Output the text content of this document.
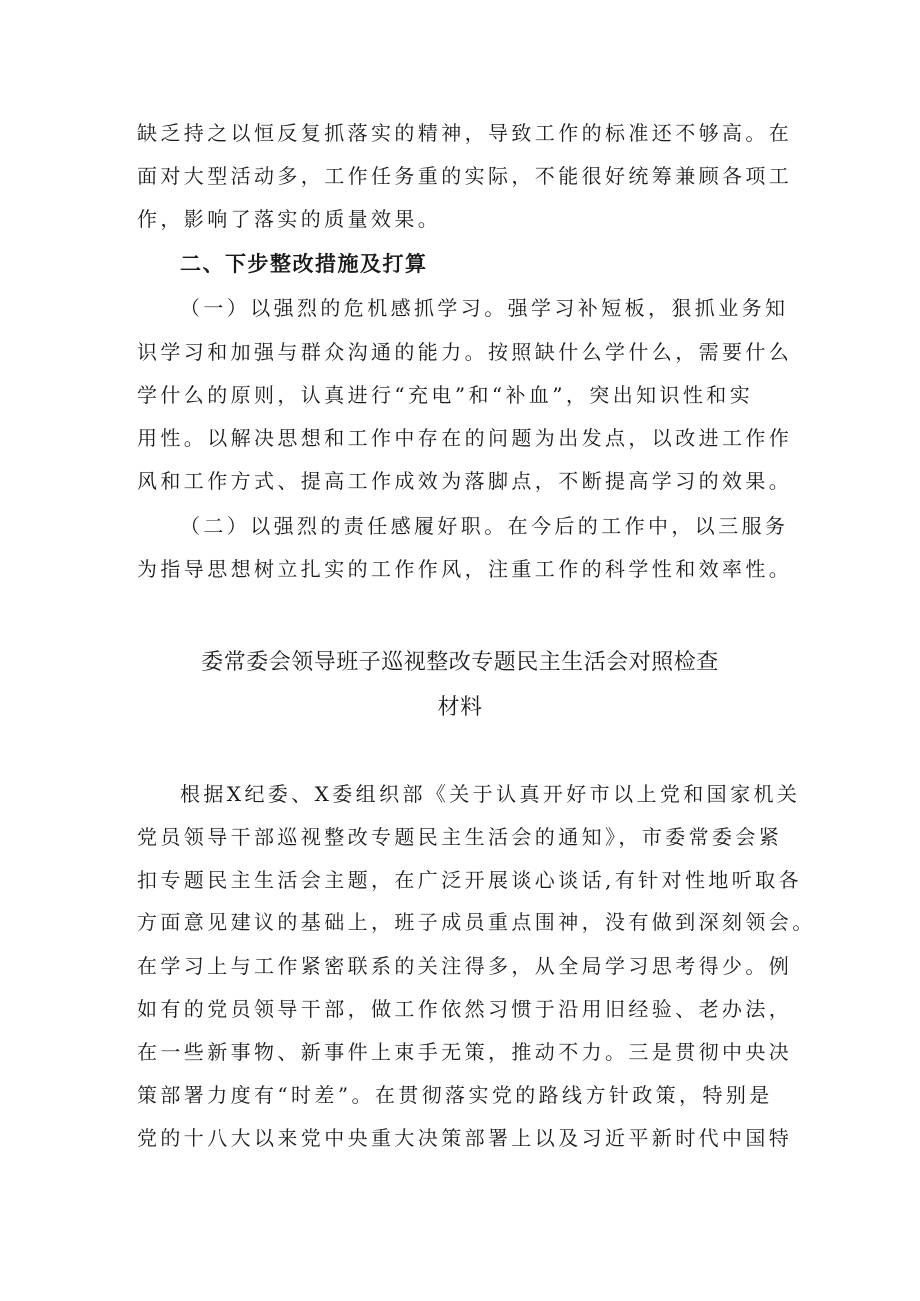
缺乏持之以恒反复抓落实的精神，导致工作的标准还不够高。在
面对大型活动多，工作任务重的实际，不能很好统筹兼顾各项工
作，影响了落实的质量效果。
二、下步整改措施及打算
（一）以强烈的危机感抓学习。强学习补短板，狠抓业务知
识学习和加强与群众沟通的能力。按照缺什么学什么，需要什么
学什么的原则，认真进行“充电”和“补血”，突出知识性和实
用性。以解决思想和工作中存在的问题为出发点，以改进工作作
风和工作方式、提高工作成效为落脚点，不断提高学习的效果。
（二）以强烈的责任感履好职。在今后的工作中，以三服务
为指导思想树立扎实的工作作风，注重工作的科学性和效率性。
委常委会领导班子巡视整改专题民主生活会对照检查
材料
根据X纪委、X委组织部《关于认真开好市以上党和国家机关
党员领导干部巡视整改专题民主生活会的通知》，市委常委会紧
扣专题民主生活会主题，在广泛开展谈心谈话,有针对性地听取各
方面意见建议的基础上，班子成员重点围神，没有做到深刻领会。
在学习上与工作紧密联系的关注得多，从全局学习思考得少。例
如有的党员领导干部，做工作依然习惯于沿用旧经验、老办法，
在一些新事物、新事件上束手无策，推动不力。三是贯彻中央决
策部署力度有“时差”。在贯彻落实党的路线方针政策，特别是
党的十八大以来党中央重大决策部署上以及习近平新时代中国特
